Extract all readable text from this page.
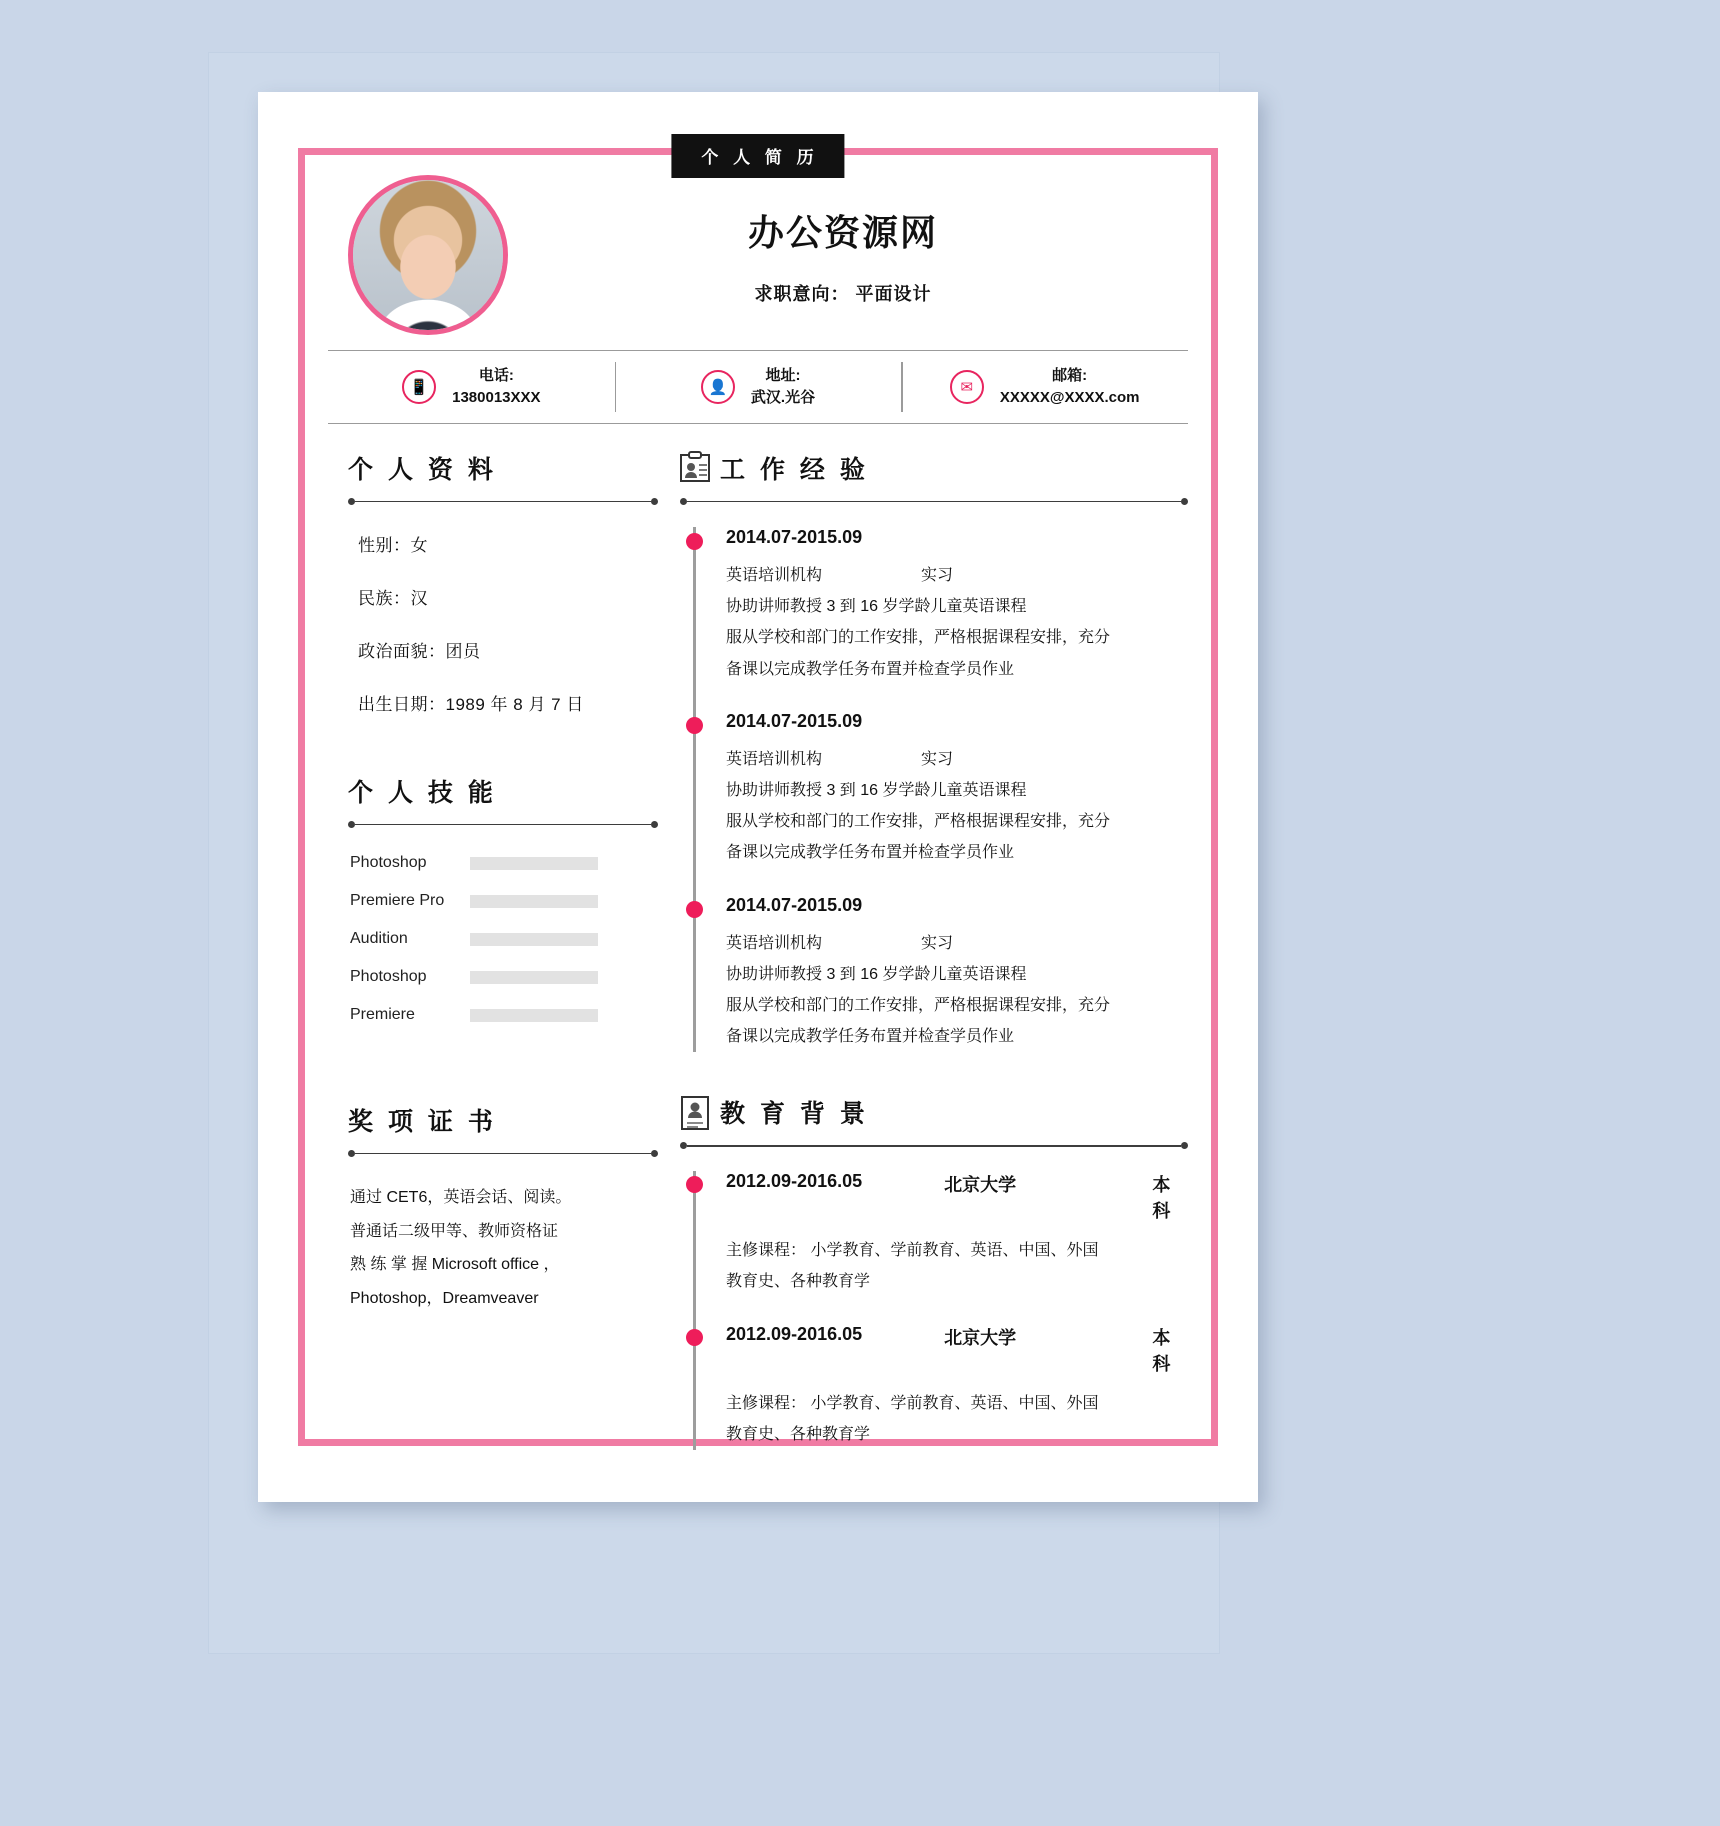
个 人 简 历
办公资源网
求职意向： 平面设计
📱
电话:
1380013XXX
👤
地址:
武汉.光谷
✉
邮箱:
XXXXX@XXXX.com
个 人 资 料
性别：女
民族：汉
政治面貌：团员
出生日期：1989 年 8 月 7 日
个 人 技 能
Photoshop
Premiere Pro
Audition
Photoshop
Premiere
奖 项 证 书
通过 CET6，英语会话、阅读。
普通话二级甲等、教师资格证
熟 练 掌 握 Microsoft office ，
Photoshop，Dreamveaver
工 作 经 验
2014.07-2015.09
英语培训机构	实习
协助讲师教授 3 到 16 岁学龄儿童英语课程
服从学校和部门的工作安排，严格根据课程安排，充分
备课以完成教学任务布置并检查学员作业
2014.07-2015.09
英语培训机构	实习
协助讲师教授 3 到 16 岁学龄儿童英语课程
服从学校和部门的工作安排，严格根据课程安排，充分
备课以完成教学任务布置并检查学员作业
2014.07-2015.09
英语培训机构	实习
协助讲师教授 3 到 16 岁学龄儿童英语课程
服从学校和部门的工作安排，严格根据课程安排，充分
备课以完成教学任务布置并检查学员作业
教 育 背 景
2012.09-2016.05	北京大学	本科
主修课程： 小学教育、学前教育、英语、中国、外国
教育史、各种教育学
2012.09-2016.05	北京大学	本科
主修课程： 小学教育、学前教育、英语、中国、外国
教育史、各种教育学
